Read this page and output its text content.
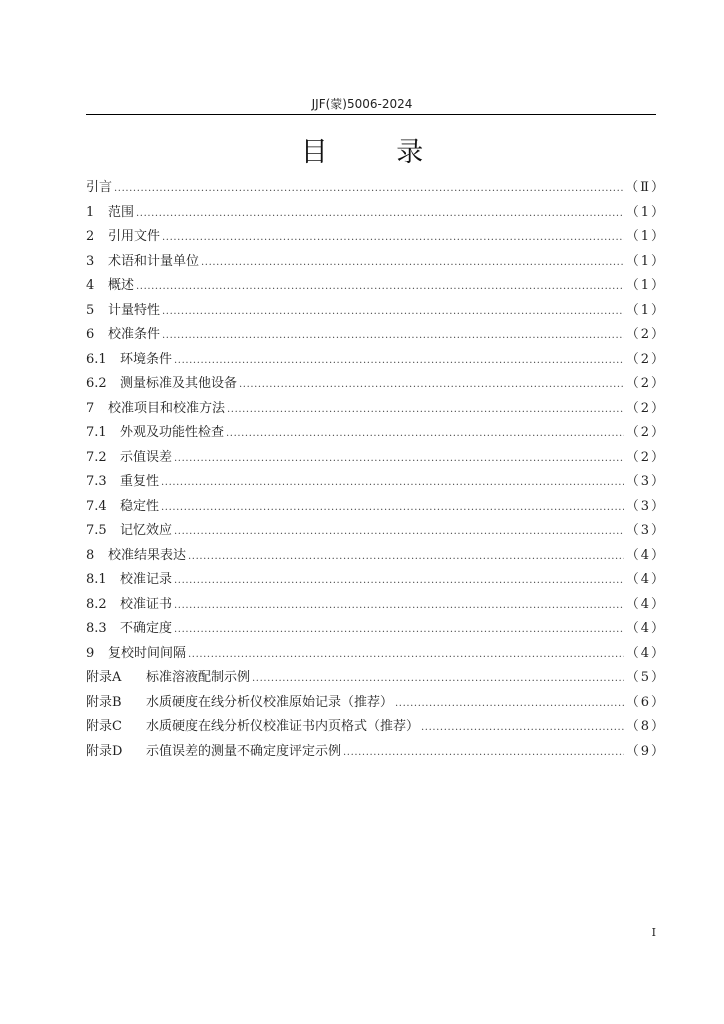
JJF(蒙)5006-2024
目 录
引言 .....	（Ⅱ）
1	范围 .....	（1）
2	引用文件 .....	（1）
3	术语和计量单位 .....	（1）
4	概述 .....	（1）
5	计量特性 .....	（1）
6	校准条件 .....	（2）
6.1	环境条件 .....	（2）
6.2	测量标准及其他设备 .....	（2）
7	校准项目和校准方法 .....	（2）
7.1	外观及功能性检查 .....	（2）
7.2	示值误差 .....	（2）
7.3	重复性 .....	（3）
7.4	稳定性 .....	（3）
7.5	记忆效应 .....	（3）
8	校准结果表达 .....	（4）
8.1	校准记录 .....	（4）
8.2	校准证书 .....	（4）
8.3	不确定度 .....	（4）
9	复校时间间隔 .....	（4）
附录A	标准溶液配制示例 .....	（5）
附录B	水质硬度在线分析仪校准原始记录（推荐） .....	（6）
附录C	水质硬度在线分析仪校准证书内页格式（推荐） .....	（8）
附录D	示值误差的测量不确定度评定示例 .....	（9）
I
